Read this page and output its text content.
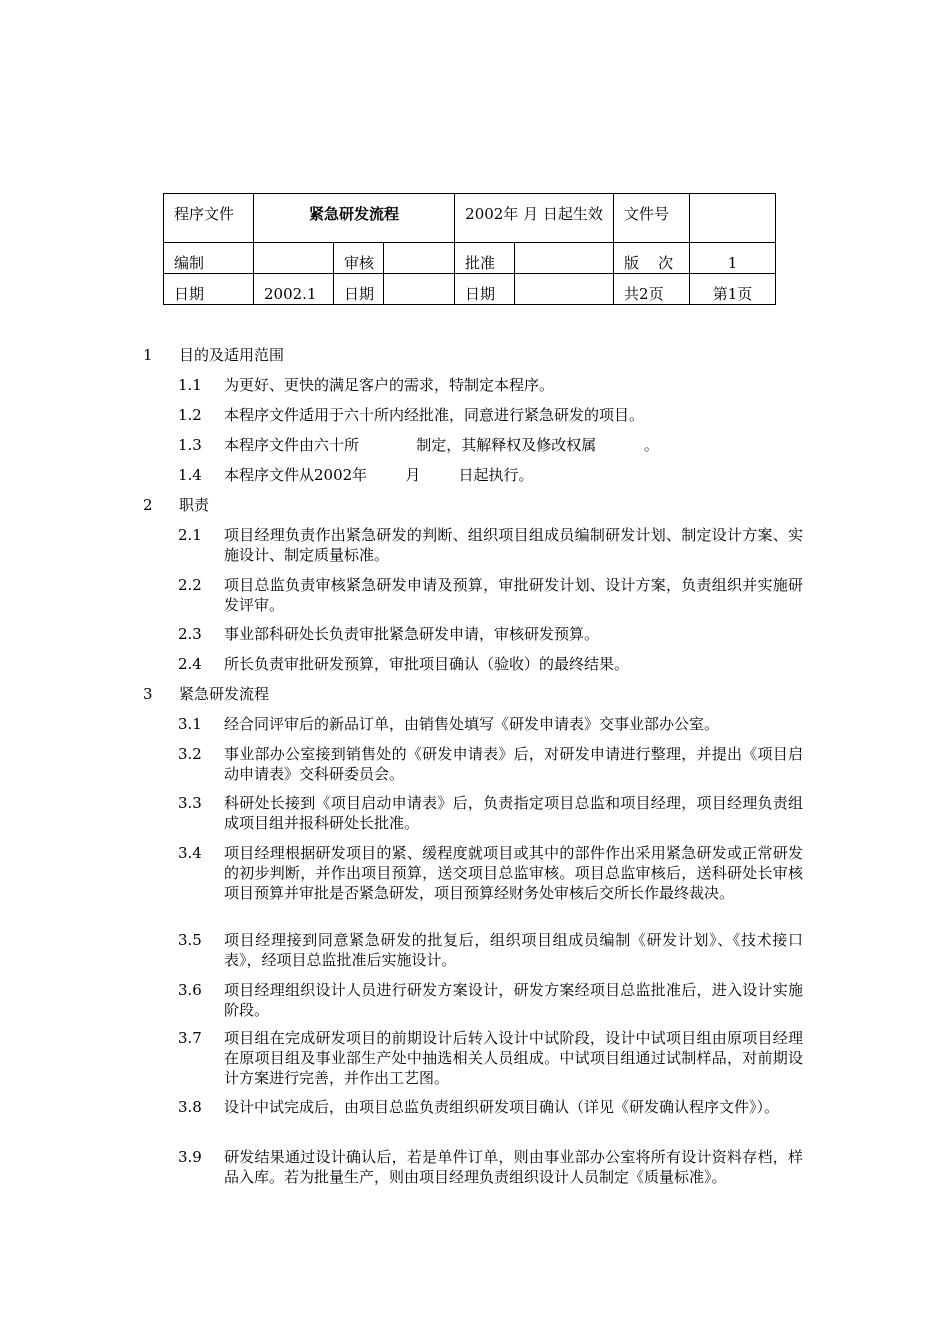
程序文件	紧急研发流程			2002年 月 日起生效		文件号	
编制		审核		批准		版    次	1
日期	2002.1	日期		日期		共2页	第1页
1	目的及适用范围
1.1	为更好、更快的满足客户的需求，特制定本程序。
1.2	本程序文件适用于六十所内经批准，同意进行紧急研发的项目。
1.3	本程序文件由六十所            制定，其解释权及修改权属          。
1.4	本程序文件从2002年        月        日起执行。
2	职责
2.1	项目经理负责作出紧急研发的判断、组织项目组成员编制研发计划、制定设计方案、实施设计、制定质量标准。
2.2	项目总监负责审核紧急研发申请及预算，审批研发计划、设计方案，负责组织并实施研发评审。
2.3	事业部科研处长负责审批紧急研发申请，审核研发预算。
2.4	所长负责审批研发预算，审批项目确认（验收）的最终结果。
3	紧急研发流程
3.1	经合同评审后的新品订单，由销售处填写《研发申请表》交事业部办公室。
3.2	事业部办公室接到销售处的《研发申请表》后，对研发申请进行整理，并提出《项目启动申请表》交科研委员会。
3.3	科研处长接到《项目启动申请表》后，负责指定项目总监和项目经理，项目经理负责组成项目组并报科研处长批准。
3.4	项目经理根据研发项目的紧、缓程度就项目或其中的部件作出采用紧急研发或正常研发的初步判断，并作出项目预算，送交项目总监审核。项目总监审核后，送科研处长审核项目预算并审批是否紧急研发，项目预算经财务处审核后交所长作最终裁决。
3.5	项目经理接到同意紧急研发的批复后，组织项目组成员编制《研发计划》、《技术接口表》，经项目总监批准后实施设计。
3.6	项目经理组织设计人员进行研发方案设计，研发方案经项目总监批准后，进入设计实施阶段。
3.7	项目组在完成研发项目的前期设计后转入设计中试阶段，设计中试项目组由原项目经理在原项目组及事业部生产处中抽选相关人员组成。中试项目组通过试制样品，对前期设计方案进行完善，并作出工艺图。
3.8	设计中试完成后，由项目总监负责组织研发项目确认（详见《研发确认程序文件》）。
3.9	研发结果通过设计确认后，若是单件订单，则由事业部办公室将所有设计资料存档，样品入库。若为批量生产，则由项目经理负责组织设计人员制定《质量标准》。
